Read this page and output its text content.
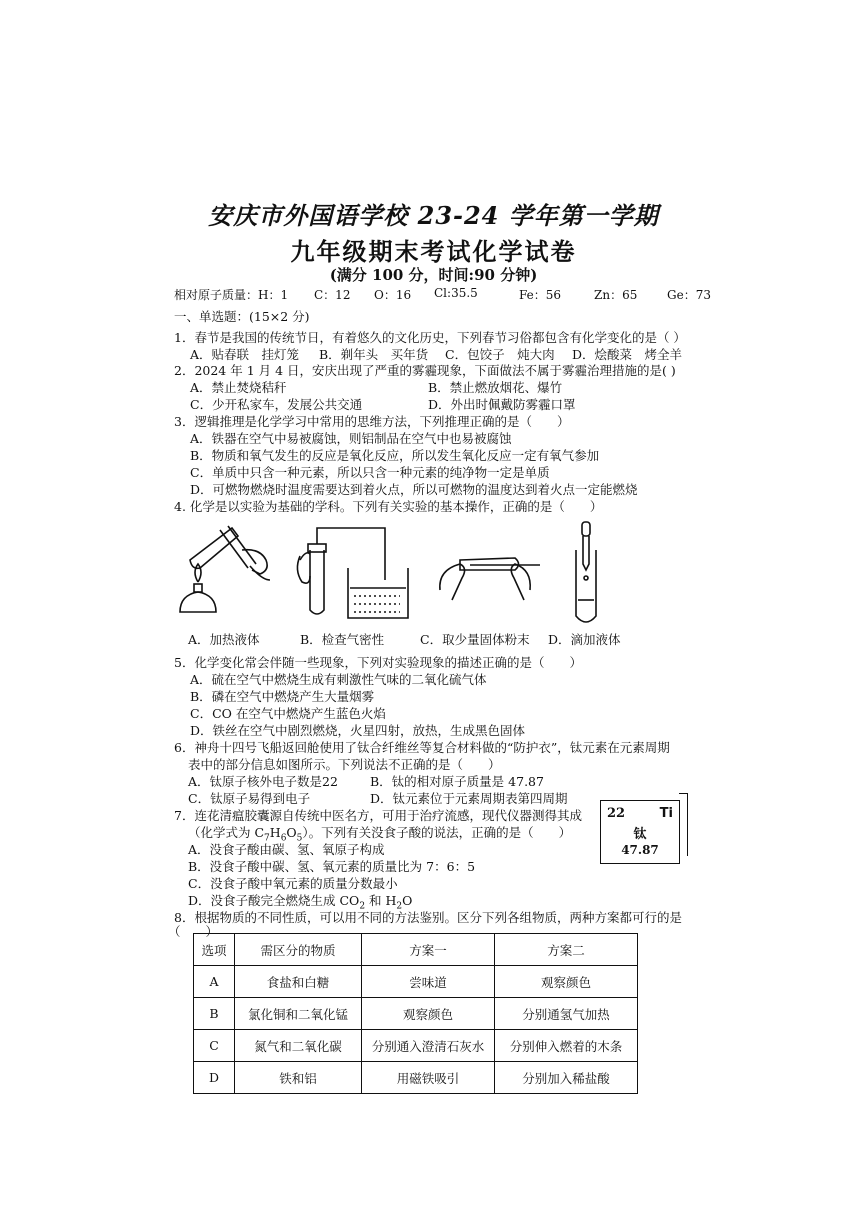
安庆市外国语学校 23-24 学年第一学期
九年级期末考试化学试卷
(满分 100 分，时间:90 分钟)
相对原子质量：H：1 C：12 O：16 Cl:35.5	Fe：56	Zn：65 Ge：73
一、单选题：(15×2 分)
1．春节是我国的传统节日，有着悠久的文化历史，下列春节习俗都包含有化学变化的是（ ）
A．贴春联　挂灯笼 B．剃年头　买年货 C．包饺子　炖大肉 D．烩酸菜　烤全羊
2．2024 年 1 月 4 日，安庆出现了严重的雾霾现象，下面做法不属于雾霾治理措施的是( )
A．禁止焚烧秸秆	B．禁止燃放烟花、爆竹
C．少开私家车，发展公共交通	D．外出时佩戴防雾霾口罩
3．逻辑推理是化学学习中常用的思维方法，下列推理正确的是（　　）
A．铁器在空气中易被腐蚀，则铝制品在空气中也易被腐蚀
B．物质和氧气发生的反应是氧化反应，所以发生氧化反应一定有氧气参加
C．单质中只含一种元素，所以只含一种元素的纯净物一定是单质
D．可燃物燃烧时温度需要达到着火点，所以可燃物的温度达到着火点一定能燃烧
4. 化学是以实验为基础的学科。下列有关实验的基本操作，正确的是（　　）
A．加热液体	B．检查气密性	C．取少量固体粉末 D．滴加液体
5．化学变化常会伴随一些现象，下列对实验现象的描述正确的是（　　）
A．硫在空气中燃烧生成有刺激性气味的二氧化硫气体
B．磷在空气中燃烧产生大量烟雾
C．CO 在空气中燃烧产生蓝色火焰
D．铁丝在空气中剧烈燃烧，火星四射，放热，生成黑色固体
6．神舟十四号飞船返回舱使用了钛合纤维丝等复合材料做的“防护衣”，钛元素在元素周期
表中的部分信息如图所示。下列说法不正确的是（　　）
A．钛原子核外电子数是22	B．钛的相对原子质量是 47.87
C．钛原子易得到电子	D．钛元素位于元素周期表第四周期
22	Ti
钛
47.87
7．连花清瘟胶囊源自传统中医名方，可用于治疗流感，现代仪器测得其成
（化学式为 $C_7H_6O_5$）。下列有关没食子酸的说法，正确的是（　　）
A．没食子酸由碳、氢、氧原子构成
B．没食子酸中碳、氢、氧元素的质量比为 7：6：5
C．没食子酸中氧元素的质量分数最小
D．没食子酸完全燃烧生成 $CO_2$ 和 $H_2O$
8．根据物质的不同性质，可以用不同的方法鉴别。区分下列各组物质，两种方案都可行的是
（　　）
选项	需区分的物质	方案一	方案二
A	食盐和白糖	尝味道	观察颜色
B	氯化铜和二氧化锰	观察颜色	分别通氢气加热
C	氮气和二氧化碳	分别通入澄清石灰水	分别伸入燃着的木条
D	铁和铝	用磁铁吸引	分别加入稀盐酸
